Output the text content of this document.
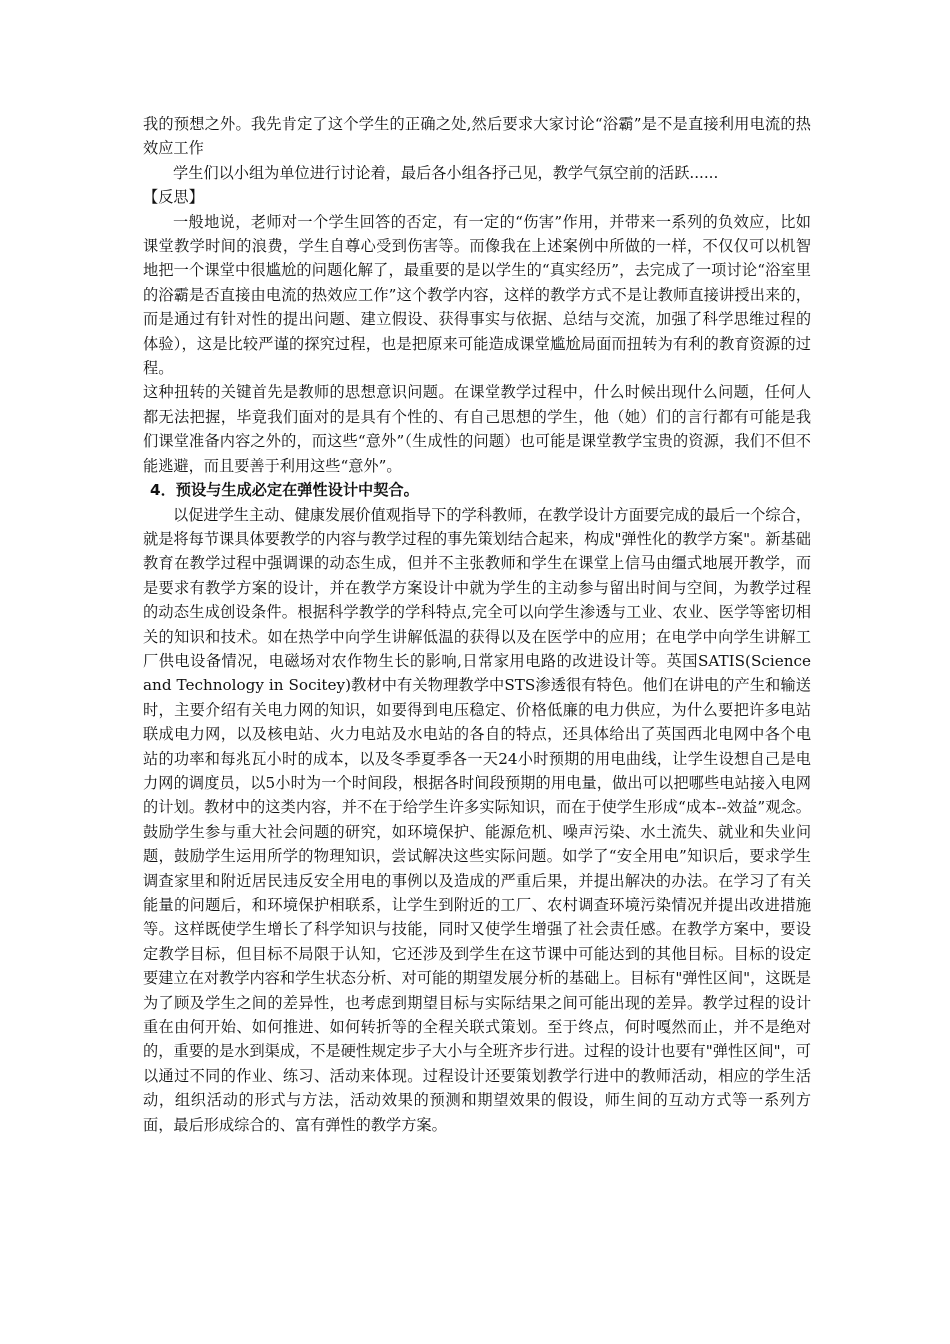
我的预想之外。我先肯定了这个学生的正确之处,然后要求大家讨论“浴霸”是不是直接利用电流的热效应工作

学生们以小组为单位进行讨论着，最后各小组各抒己见，教学气氛空前的活跃......

【反思】

一般地说，老师对一个学生回答的否定，有一定的“伤害”作用，并带来一系列的负效应，比如课堂教学时间的浪费，学生自尊心受到伤害等。而像我在上述案例中所做的一样，不仅仅可以机智地把一个课堂中很尴尬的问题化解了，最重要的是以学生的“真实经历”，去完成了一项讨论“浴室里的浴霸是否直接由电流的热效应工作”这个教学内容，这样的教学方式不是让教师直接讲授出来的，而是通过有针对性的提出问题、建立假设、获得事实与依据、总结与交流，加强了科学思维过程的体验），这是比较严谨的探究过程，也是把原来可能造成课堂尴尬局面而扭转为有利的教育资源的过程。

这种扭转的关键首先是教师的思想意识问题。在课堂教学过程中，什么时候出现什么问题，任何人都无法把握，毕竟我们面对的是具有个性的、有自己思想的学生，他（她）们的言行都有可能是我们课堂准备内容之外的，而这些“意外”（生成性的问题）也可能是课堂教学宝贵的资源，我们不但不能逃避，而且要善于利用这些“意外”。

4．预设与生成必定在弹性设计中契合。

以促进学生主动、健康发展价值观指导下的学科教师，在教学设计方面要完成的最后一个综合，就是将每节课具体要教学的内容与教学过程的事先策划结合起来，构成"弹性化的教学方案"。新基础教育在教学过程中强调课的动态生成，但并不主张教师和学生在课堂上信马由缰式地展开教学，而是要求有教学方案的设计，并在教学方案设计中就为学生的主动参与留出时间与空间，为教学过程的动态生成创设条件。根据科学教学的学科特点,完全可以向学生渗透与工业、农业、医学等密切相关的知识和技术。如在热学中向学生讲解低温的获得以及在医学中的应用；在电学中向学生讲解工厂供电设备情况，电磁场对农作物生长的影响,日常家用电路的改进设计等。英国SATIS(Science and Technology in Socitey)教材中有关物理教学中STS渗透很有特色。他们在讲电的产生和输送时，主要介绍有关电力网的知识，如要得到电压稳定、价格低廉的电力供应，为什么要把许多电站联成电力网，以及核电站、火力电站及水电站的各自的特点，还具体给出了英国西北电网中各个电站的功率和每兆瓦小时的成本，以及冬季夏季各一天24小时预期的用电曲线，让学生设想自己是电力网的调度员，以5小时为一个时间段，根据各时间段预期的用电量，做出可以把哪些电站接入电网的计划。教材中的这类内容，并不在于给学生许多实际知识，而在于使学生形成“成本--效益”观念。鼓励学生参与重大社会问题的研究，如环境保护、能源危机、噪声污染、水土流失、就业和失业问题，鼓励学生运用所学的物理知识，尝试解决这些实际问题。如学了“安全用电”知识后，要求学生调查家里和附近居民违反安全用电的事例以及造成的严重后果，并提出解决的办法。在学习了有关能量的问题后，和环境保护相联系，让学生到附近的工厂、农村调查环境污染情况并提出改进措施等。这样既使学生增长了科学知识与技能，同时又使学生增强了社会责任感。在教学方案中，要设定教学目标，但目标不局限于认知，它还涉及到学生在这节课中可能达到的其他目标。目标的设定要建立在对教学内容和学生状态分析、对可能的期望发展分析的基础上。目标有"弹性区间"，这既是为了顾及学生之间的差异性，也考虑到期望目标与实际结果之间可能出现的差异。教学过程的设计重在由何开始、如何推进、如何转折等的全程关联式策划。至于终点，何时嘎然而止，并不是绝对的，重要的是水到渠成，不是硬性规定步子大小与全班齐步行进。过程的设计也要有"弹性区间"，可以通过不同的作业、练习、活动来体现。过程设计还要策划教学行进中的教师活动，相应的学生活动，组织活动的形式与方法，活动效果的预测和期望效果的假设，师生间的互动方式等一系列方面，最后形成综合的、富有弹性的教学方案。
